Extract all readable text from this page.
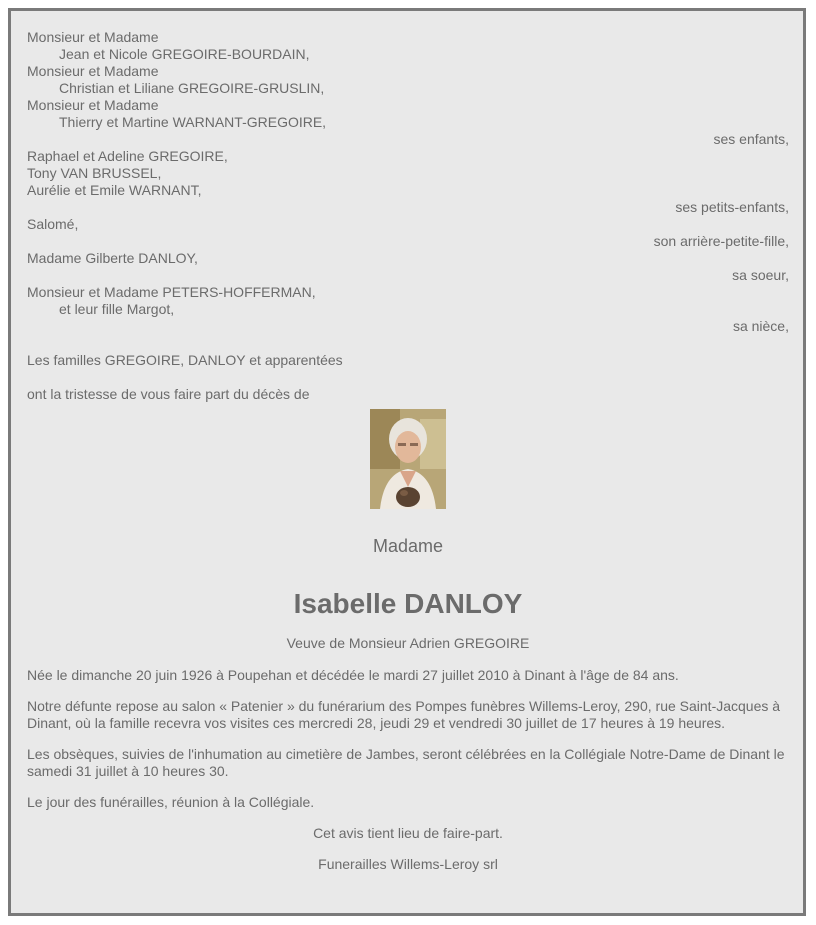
Monsieur et Madame
Jean et Nicole GREGOIRE-BOURDAIN,
Monsieur et Madame
Christian et Liliane GREGOIRE-GRUSLIN,
Monsieur et Madame
Thierry et Martine WARNANT-GREGOIRE,
ses enfants,
Raphael et Adeline GREGOIRE,
Tony VAN BRUSSEL,
Aurélie et Emile WARNANT,
ses petits-enfants,
Salomé,
son arrière-petite-fille,
Madame Gilberte DANLOY,
sa soeur,
Monsieur et Madame PETERS-HOFFERMAN,
et leur fille Margot,
sa nièce,
Les familles GREGOIRE, DANLOY et apparentées
ont la tristesse de vous faire part du décès de
Madame
Isabelle DANLOY
Veuve de Monsieur Adrien GREGOIRE
Née le dimanche 20 juin 1926 à Poupehan et décédée le mardi 27 juillet 2010 à Dinant à l'âge de 84 ans.
Notre défunte repose au salon « Patenier » du funérarium des Pompes funèbres Willems-Leroy, 290, rue Saint-Jacques à Dinant, où la famille recevra vos visites ces mercredi 28, jeudi 29 et vendredi 30 juillet de 17 heures à 19 heures.
Les obsèques, suivies de l'inhumation au cimetière de Jambes, seront célébrées en la Collégiale Notre-Dame de Dinant le samedi 31 juillet à 10 heures 30.
Le jour des funérailles, réunion à la Collégiale.
Cet avis tient lieu de faire-part.
Funerailles Willems-Leroy srl
